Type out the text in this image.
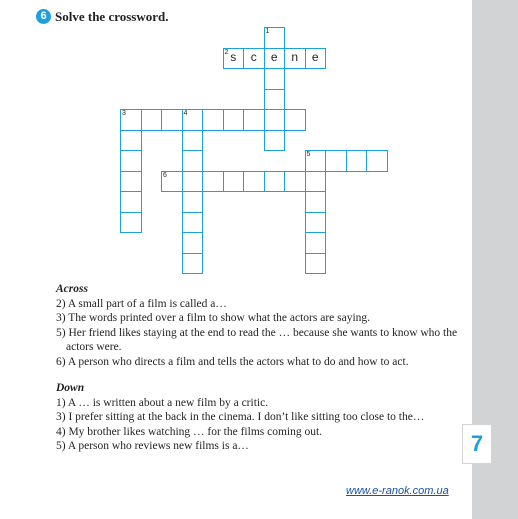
6 Solve the crossword.
1
e
2 s	c	n	e
3	4
5
6
Across
2) A small part of a film is called a…
3) The words printed over a film to show what the actors are saying.
5) Her friend likes staying at the end to read the … because she wants to know who the actors were.
6) A person who directs a film and tells the actors what to do and how to act.
Down
1) A … is written about a new film by a critic.
3) I prefer sitting at the back in the cinema. I don’t like sitting too close to the…
4) My brother likes watching … for the films coming out.
5) A person who reviews new films is a…	7
www.e-ranok.com.ua
